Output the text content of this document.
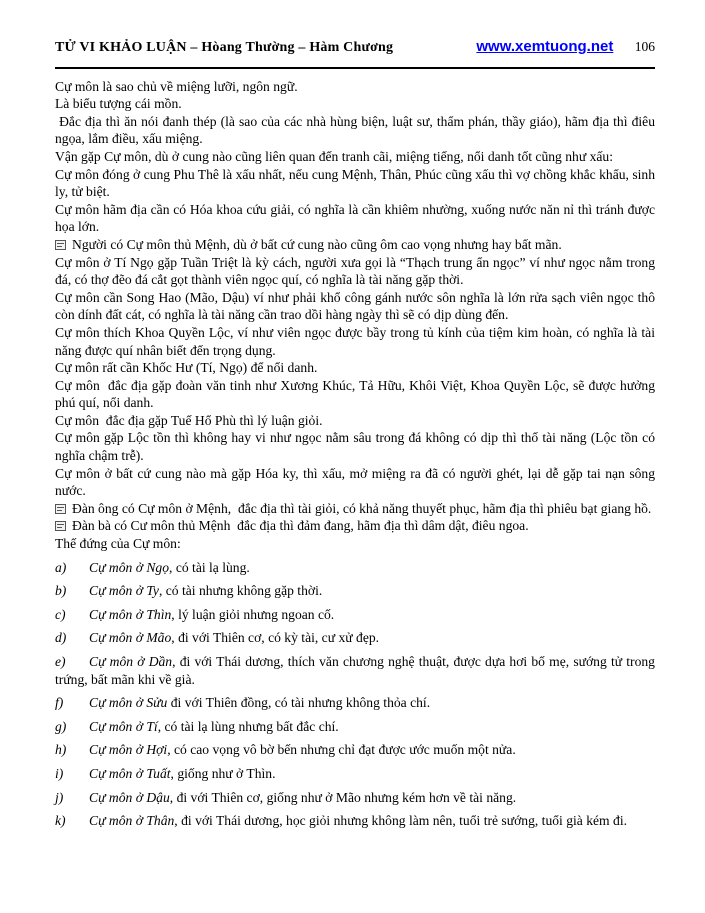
TỬ VI KHẢO LUẬN – Hòang Thường – Hàm Chương	www.xemtuong.net 106
Cự môn là sao chủ về miệng lưỡi, ngôn ngữ.
Là biểu tượng cái mồn.
Đắc địa thì ăn nói đanh thép (là sao của các nhà hùng biện, luật sư, thẩm phán, thầy giáo), hãm địa thì điêu ngọa, lắm điều, xấu miệng.
Vận gặp Cự môn, dù ở cung nào cũng liên quan đến tranh cãi, miệng tiếng, nổi danh tốt cũng như xấu:
Cự môn đóng ở cung Phu Thê là xấu nhất, nếu cung Mệnh, Thân, Phúc cũng xấu thì vợ chồng khắc khẩu, sinh ly, tử biệt.
Cự môn hãm địa cần có Hóa khoa cứu giải, có nghĩa là cần khiêm nhường, xuống nước năn nỉ thì tránh được họa lớn.
Người có Cự môn thủ Mệnh, dù ở bất cứ cung nào cũng ôm cao vọng nhưng hay bất mãn.
Cự môn ở Tí Ngọ gặp Tuần Triệt là kỳ cách, người xưa gọi là “Thạch trung ẩn ngọc” ví như ngọc nằm trong đá, có thợ đẽo đá cắt gọt thành viên ngọc quí, có nghĩa là tài năng gặp thời.
Cự môn cần Song Hao (Mão, Dậu) ví như phải khổ công gánh nước sôn nghĩa là lớn rửa sạch viên ngọc thô còn dính đất cát, có nghĩa là tài năng cần trao dồi hàng ngày thì sẽ có dịp dùng đến.
Cự môn thích Khoa Quyền Lộc, ví như viên ngọc được bầy trong tủ kính của tiệm kim hoàn, có nghĩa là tài năng được quí nhân biết đến trọng dụng.
Cự môn rất cần Khốc Hư (Tí, Ngọ) để nổi danh.
Cự môn  đắc địa gặp đoàn văn tinh như Xương Khúc, Tả Hữu, Khôi Việt, Khoa Quyền Lộc, sẽ được hưởng phú quí, nổi danh.
Cự môn  đắc địa gặp Tuế Hổ Phù thì lý luận giỏi.
Cự môn gặp Lộc tồn thì không hay vi như ngọc nằm sâu trong đá không có dịp thì thố tài năng (Lộc tồn có nghĩa chậm trễ).
Cự môn ở bất cứ cung nào mà gặp Hóa ky, thì xấu, mở miệng ra đã có người ghét, lại dễ gặp tai nạn sông nước.
Đàn ông có Cự môn ở Mệnh,  đắc địa thì tài giỏi, có khả năng thuyết phục, hãm địa thì phiêu bạt giang hồ.
Đàn bà có Cư môn thủ Mệnh  đắc địa thì đảm đang, hãm địa thì dâm dật, điêu ngoa.
Thế đứng của Cự môn:
a) Cự môn ở Ngọ, có tài lạ lùng.
b) Cự môn ở Ty, có tài nhưng không gặp thời.
c) Cự môn ở Thìn, lý luận giỏi nhưng ngoan cố.
d) Cự môn ở Mão, đi với Thiên cơ, có kỳ tài, cư xử đẹp.
e) Cự môn ở Dần, đi với Thái dương, thích văn chương nghệ thuật, được dựa hơi bố mẹ, sướng tử trong trứng, bất mãn khi về già.
f) Cự môn ở Sửu đi với Thiên đồng, có tài nhưng không thỏa chí.
g) Cự môn ở Tí, có tài lạ lùng nhưng bất đắc chí.
h) Cự môn ở Hợi, có cao vọng vô bờ bến nhưng chỉ đạt được ước muốn một nửa.
i) Cự môn ở Tuất, giống như ở Thìn.
j) Cự môn ở Dậu, đi với Thiên cơ, giống như ở Mão nhưng kém hơn về tài năng.
k) Cự môn ở Thân, đi với Thái dương, học giỏi nhưng không làm nên, tuổi trẻ sướng, tuổi già kém đi.
